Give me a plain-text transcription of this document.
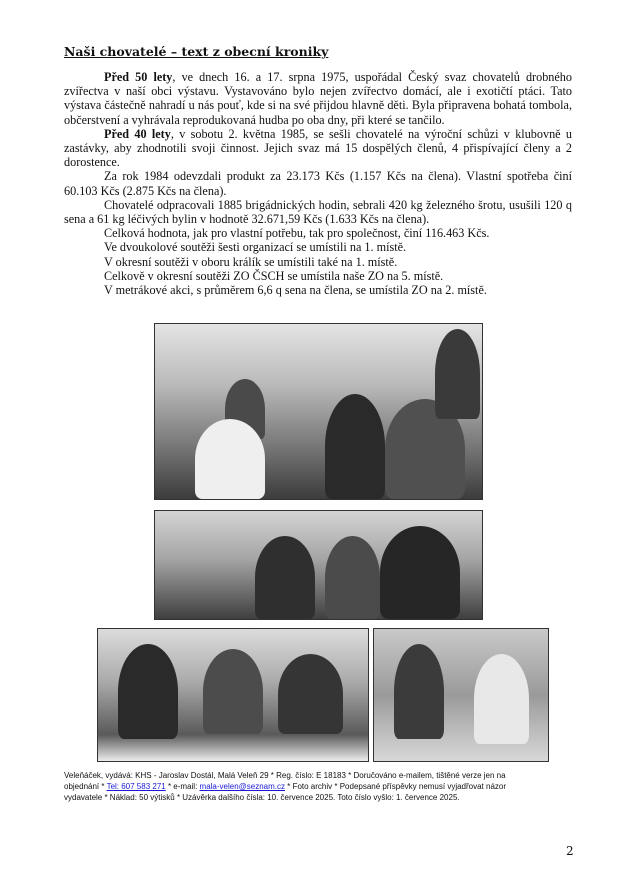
Naši chovatelé – text z obecní kroniky

Před 50 lety, ve dnech 16. a 17. srpna 1975, uspořádal Český svaz chovatelů drobného zvířectva v naší obci výstavu. Vystavováno bylo nejen zvířectvo domácí, ale i exotičtí ptáci. Tato výstava částečně nahradí u nás pouť, kde si na své přijdou hlavně děti. Byla připravena bohatá tombola, občerstvení a vyhrávala reprodukovaná hudba po oba dny, při které se tančilo.

Před 40 lety, v sobotu 2. května 1985, se sešli chovatelé na výroční schůzi v klubovně u zastávky, aby zhodnotili svoji činnost. Jejich svaz má 15 dospělých členů, 4 přispívající členy a 2 dorostence.

Za rok 1984 odevzdali produkt za 23.173 Kčs (1.157 Kčs na člena). Vlastní spotřeba činí 60.103 Kčs (2.875 Kčs na člena).

Chovatelé odpracovali 1885 brigádnických hodin, sebrali 420 kg železného šrotu, usušili 120 q sena a 61 kg léčivých bylin v hodnotě 32.671,59 Kčs (1.633 Kčs na člena).

Celková hodnota, jak pro vlastní potřebu, tak pro společnost, činí 116.463 Kčs.

Ve dvoukolové soutěži šesti organizací se umístili na 1. místě.

V okresní soutěži v oboru králík se umístili také na 1. místě.

Celkově v okresní soutěži ZO ČSCH se umístila naše ZO na 5. místě.

V metrákové akci, s průměrem 6,6 q sena na člena, se umístila ZO na 2. místě.

Veleňáček, vydává: KHS - Jaroslav Dostál, Malá Veleň 29 * Reg. číslo: E 18183 * Doručováno e-mailem, tištěné verze jen na
objednání * Tel: 607 583 271 * e-mail: mala-velen@seznam.cz * Foto archiv * Podepsané příspěvky nemusí vyjadřovat názor
vydavatele * Náklad: 50 výtisků * Uzávěrka dalšího čísla: 10. července 2025. Toto číslo vyšlo: 1. července 2025.
2
